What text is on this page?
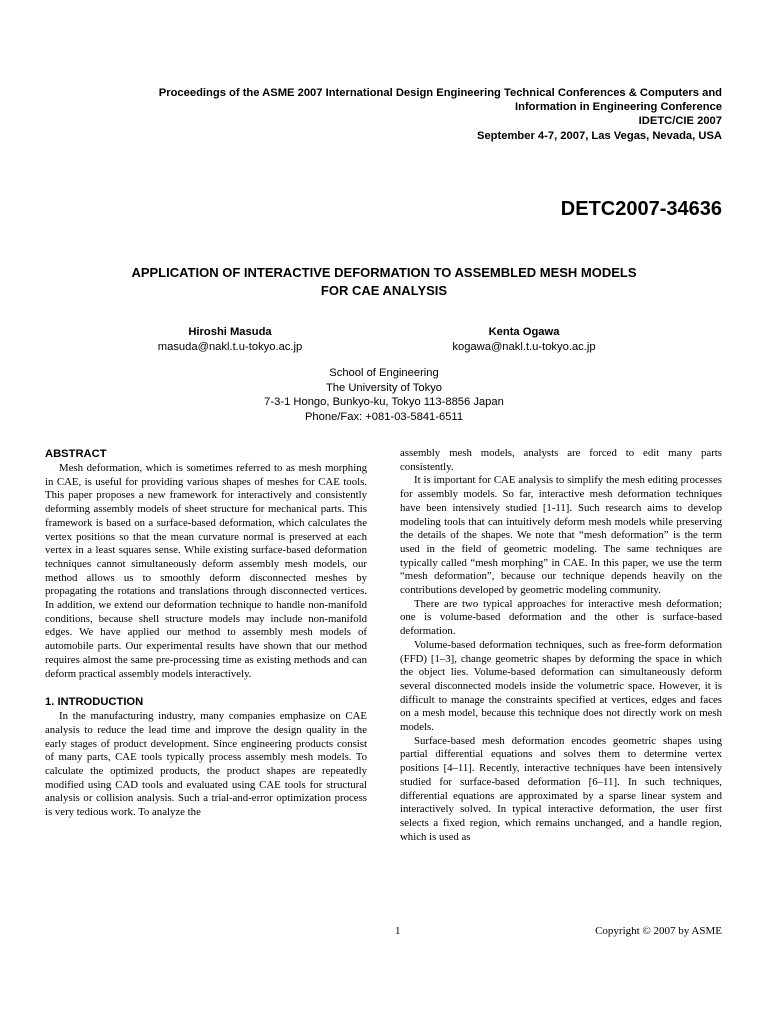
Proceedings of the ASME 2007 International Design Engineering Technical Conferences & Computers and
Information in Engineering Conference
IDETC/CIE 2007
September 4-7, 2007, Las Vegas, Nevada, USA
DETC2007-34636
APPLICATION OF INTERACTIVE DEFORMATION TO ASSEMBLED MESH MODELS
FOR CAE ANALYSIS
Hiroshi Masuda
masuda@nakl.t.u-tokyo.ac.jp
Kenta Ogawa
kogawa@nakl.t.u-tokyo.ac.jp
School of Engineering
The University of Tokyo
7-3-1 Hongo, Bunkyo-ku, Tokyo 113-8856 Japan
Phone/Fax: +081-03-5841-6511
ABSTRACT

Mesh deformation, which is sometimes referred to as mesh morphing in CAE, is useful for providing various shapes of meshes for CAE tools. This paper proposes a new framework for interactively and consistently deforming assembly models of sheet structure for mechanical parts. This framework is based on a surface-based deformation, which calculates the vertex positions so that the mean curvature normal is preserved at each vertex in a least squares sense. While existing surface-based deformation techniques cannot simultaneously deform assembly mesh models, our method allows us to smoothly deform disconnected meshes by propagating the rotations and translations through disconnected vertices. In addition, we extend our deformation technique to handle non-manifold conditions, because shell structure models may include non-manifold edges. We have applied our method to assembly mesh models of automobile parts. Our experimental results have shown that our method requires almost the same pre-processing time as existing methods and can deform practical assembly models interactively.

1. INTRODUCTION

In the manufacturing industry, many companies emphasize on CAE analysis to reduce the lead time and improve the design quality in the early stages of product development. Since engineering products consist of many parts, CAE tools typically process assembly mesh models. To calculate the optimized products, the product shapes are repeatedly modified using CAD tools and evaluated using CAE tools for structural analysis or collision analysis. Such a trial-and-error optimization process is very tedious work. To analyze the

assembly mesh models, analysts are forced to edit many parts consistently.

It is important for CAE analysis to simplify the mesh editing processes for assembly models. So far, interactive mesh deformation techniques have been intensively studied [1-11]. Such research aims to develop modeling tools that can intuitively deform mesh models while preserving the details of the shapes. We note that “mesh deformation” is the term used in the field of geometric modeling. The same techniques are typically called “mesh morphing” in CAE. In this paper, we use the term “mesh deformation”, because our technique depends heavily on the contributions developed by geometric modeling community.

There are two typical approaches for interactive mesh deformation; one is volume-based deformation and the other is surface-based deformation.

Volume-based deformation techniques, such as free-form deformation (FFD) [1–3], change geometric shapes by deforming the space in which the object lies. Volume-based deformation can simultaneously deform several disconnected models inside the volumetric space. However, it is difficult to manage the constraints specified at vertices, edges and faces on a mesh model, because this technique does not directly work on mesh models.

Surface-based mesh deformation encodes geometric shapes using partial differential equations and solves them to determine vertex positions [4–11]. Recently, interactive techniques have been intensively studied for surface-based deformation [6–11]. In such techniques, differential equations are approximated by a sparse linear system and interactively solved. In typical interactive deformation, the user first selects a fixed region, which remains unchanged, and a handle region, which is used as

1	Copyright © 2007 by ASME
